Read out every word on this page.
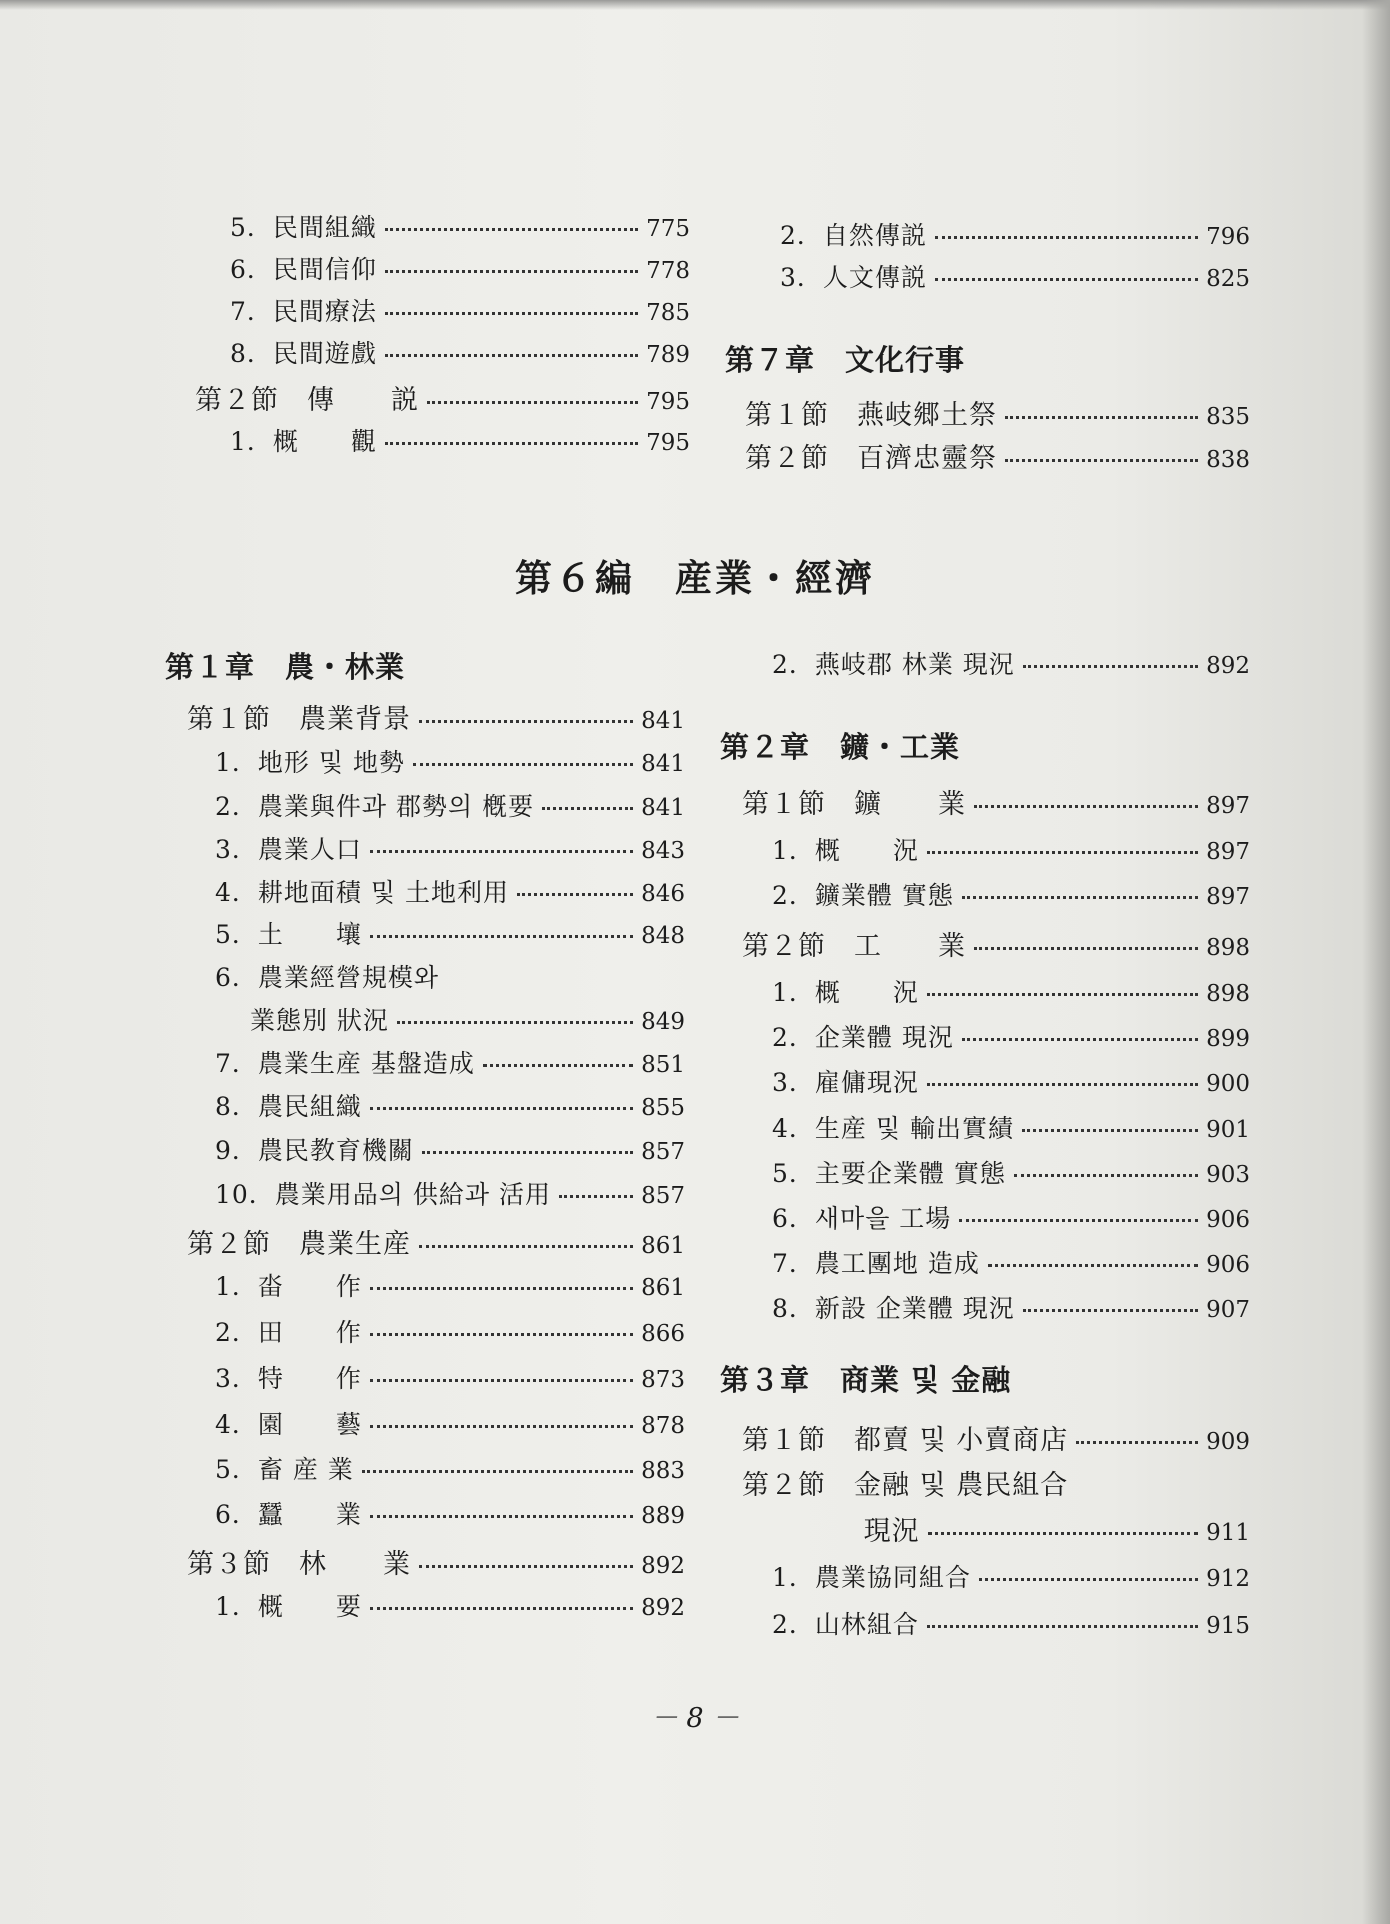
5．民間組織	775
6．民間信仰	778
7．民間療法	785
8．民間遊戲	789
第２節　傳　　説	795
1．概　　觀	795
2．自然傳説	796
3．人文傳説	825
第７章　文化行事
第１節　燕岐郷土祭	835
第２節　百濟忠靈祭	838
第６編　産業・經濟
第１章　農・林業
第１節　農業背景	841
1．地形 및 地勢	841
2．農業與件과 郡勢의 槪要	841
3．農業人口	843
4．耕地面積 및 土地利用	846
5．土　　壤	848
6．農業經營規模와
　 業態別 狀況	849
7．農業生産 基盤造成	851
8．農民組織	855
9．農民教育機關	857
10．農業用品의 供給과 活用	857
第２節　農業生産	861
1．畓　　作	861
2．田　　作	866
3．特　　作	873
4．園　　藝	878
5．畜 産 業	883
6．蠶　　業	889
第３節　林　　業	892
1．概　　要	892
2．燕岐郡 林業 現況	892
第２章　鑛・工業
第１節　鑛　　業	897
1．概　　況	897
2．鑛業體 實態	897
第２節　工　　業	898
1．概　　況	898
2．企業體 現況	899
3．雇傭現況	900
4．生産 및 輸出實績	901
5．主要企業體 實態	903
6．새마을 工場	906
7．農工團地 造成	906
8．新設 企業體 現況	907
第３章　商業 및 金融
第１節　都賣 및 小賣商店	909
第２節　金融 및 農民組合
　　　　 現況	911
1．農業協同組合	912
2．山林組合	915
－ 8 －
